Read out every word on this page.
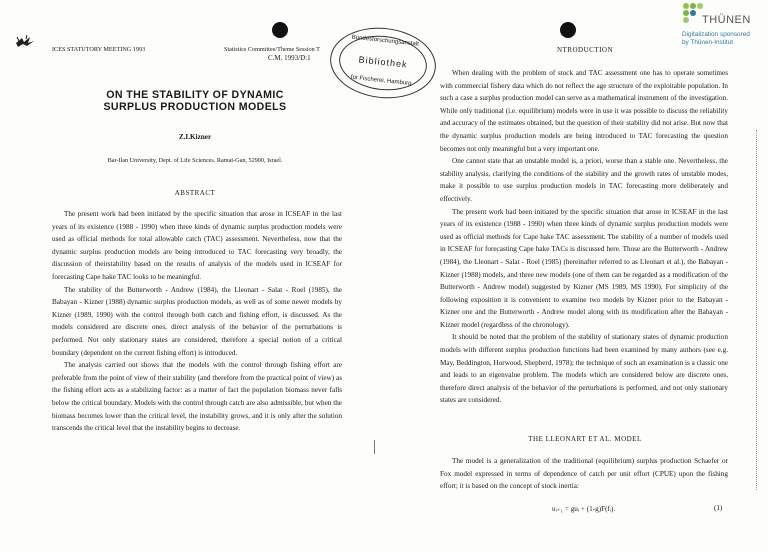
ICES STATUTORY MEETING 1993	Statistics Committee/Theme Session T
C.M. 1993/D:1
Bundesforschungsanstalt
Bibliothek
für Fischerei, Hamburg
THÜNEN
Digitalization sponsored
by Thünen-Institut
ON THE STABILITY OF DYNAMIC
SURPLUS PRODUCTION MODELS
Z.I.Kizner
Bar-Ilan University, Dept. of Life Sciences. Ramat-Gan, 52900, Israel.
ABSTRACT

The present work had been initiated by the specific situation that arose in ICSEAF in the last years of its existence (1988 - 1990) when three kinds of dynamic surplus production models were used as official methods for total allowable catch (TAC) assessment. Nevertheless, now that the dynamic surplus production models are being introduced to TAC forecasting very broadly, the discussion of theirstability based on the results of analysis of the models used in ICSEAF for forecasting Cape hake TAC looks to be meaningful.

The stability of the Butterworth - Andrew (1984), the Lleonart - Salat - Roel (1985), the Babayan - Kizner (1988) dynamic surplus production models, as well as of some newer models by Kizner (1989, 1990) with the control through both catch and fishing effort, is discussed. As the models considered are discrete ones, direct analysis of the behavior of the perturbations is performed. Not only stationary states are considered, therefore a special notion of a critical boundary (dependent on the current fishing effort) is introduced.

The analysis carried out shows that the models with the control through fishing effort are preferable from the point of view of their stability (and therefore from the practical point of view) as the fishing effort acts as a stabilizing factor: as a matter of fact the population biomass never falls below the critical boundary. Models with the control through catch are also admissible, but when the biomass becomes lower than the critical level, the instability grows, and it is only after the solution transcends the critical level that the instability begins to decrease.

NTRODUCTION

When dealing with the problem of stock and TAC assessment one has to operate sometimes with commercial fishery data which do not reflect the age structure of the exploitable population. In such a case a surplus production model can serve as a mathematical instrument of the investigation. While only traditional (i.e. equilibrium) models were in use it was possible to discuss the reliability and accuracy of the estimates obtained, but the question of their stability did not arise. But now that the dynamic surplus production models are being introduced to TAC forecasting the question becomes not only meaningful but a very important one.

One cannot state that an unstable model is, a priori, worse than a stable one. Nevertheless, the stability analysis, clarifying the conditions of the stability and the growth rates of unstable modes, make it possible to use surplus production models in TAC forecasting more deliberately and effectively.

The present work had been initiated by the specific situation that arose in ICSEAF in the last years of its existence (1988 - 1990) when three kinds of dynamic surplus production models were used as official methods for Cape hake TAC assessment. The stability of a number of models used in ICSEAF for forecasting Cape hake TACs is discussed here. Those are the Butterworth - Andrew (1984), the Lleonart - Salat - Roel (1985) (hereinafter referred to as Lleonart et al.), the Babayan - Kizner (1988) models, and three new models (one of them can be regarded as a modification of the Butterworth - Andrew model) suggested by Kizner (MS 1989, MS 1990). For simplicity of the following exposition it is convenient to examine two models by Kizner prior to the Babayan - Kizner one and the Butterworth - Andrew model along with its modification after the Babayan - Kizner model (regardless of the chronology).

It should be noted that the problem of the stability of stationary states of dynamic production models with different surplus production functions had been examined by many authors (see e.g. May, Beddington, Horwood, Shepherd, 1978); the technique of such an examination is a classic one and leads to an eigenvalue problem. The models which are considered below are discrete ones, therefore direct analysis of the behavior of the perturbations is performed, and not only stationary states are considered.

THE LLEONART ET AL. MODEL

The model is a generalization of the traditional (equilibrium) surplus production Schaefer or Fox model expressed in terms of dependence of catch per unit effort (CPUE) upon the fishing effort; it is based on the concept of stock inertia:

uᵢ₊₁ = guᵢ + (1-g)F(fᵢ).	(1)
